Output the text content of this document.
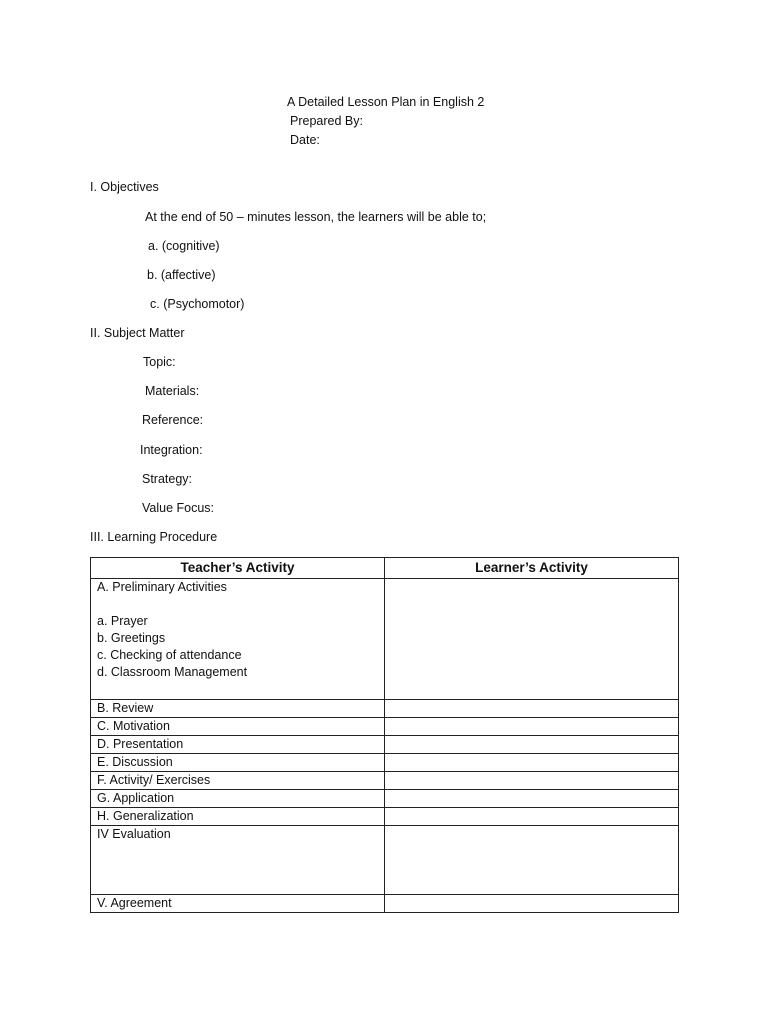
A Detailed Lesson Plan in English 2
Prepared By:
Date:
I. Objectives
At the end of 50 – minutes lesson, the learners will be able to;
a. (cognitive)
b. (affective)
c. (Psychomotor)
II. Subject Matter
Topic:
Materials:
Reference:
Integration:
Strategy:
Value Focus:
III. Learning Procedure
Teacher’s Activity	Learner’s Activity

A. Preliminary Activities
a. Prayer
b. Greetings
c. Checking of attendance
d. Classroom Management	

B. Review	
C. Motivation	
D. Presentation	
E. Discussion	
F. Activity/ Exercises	
G. Application	
H. Generalization	
IV Evaluation	
V. Agreement	
